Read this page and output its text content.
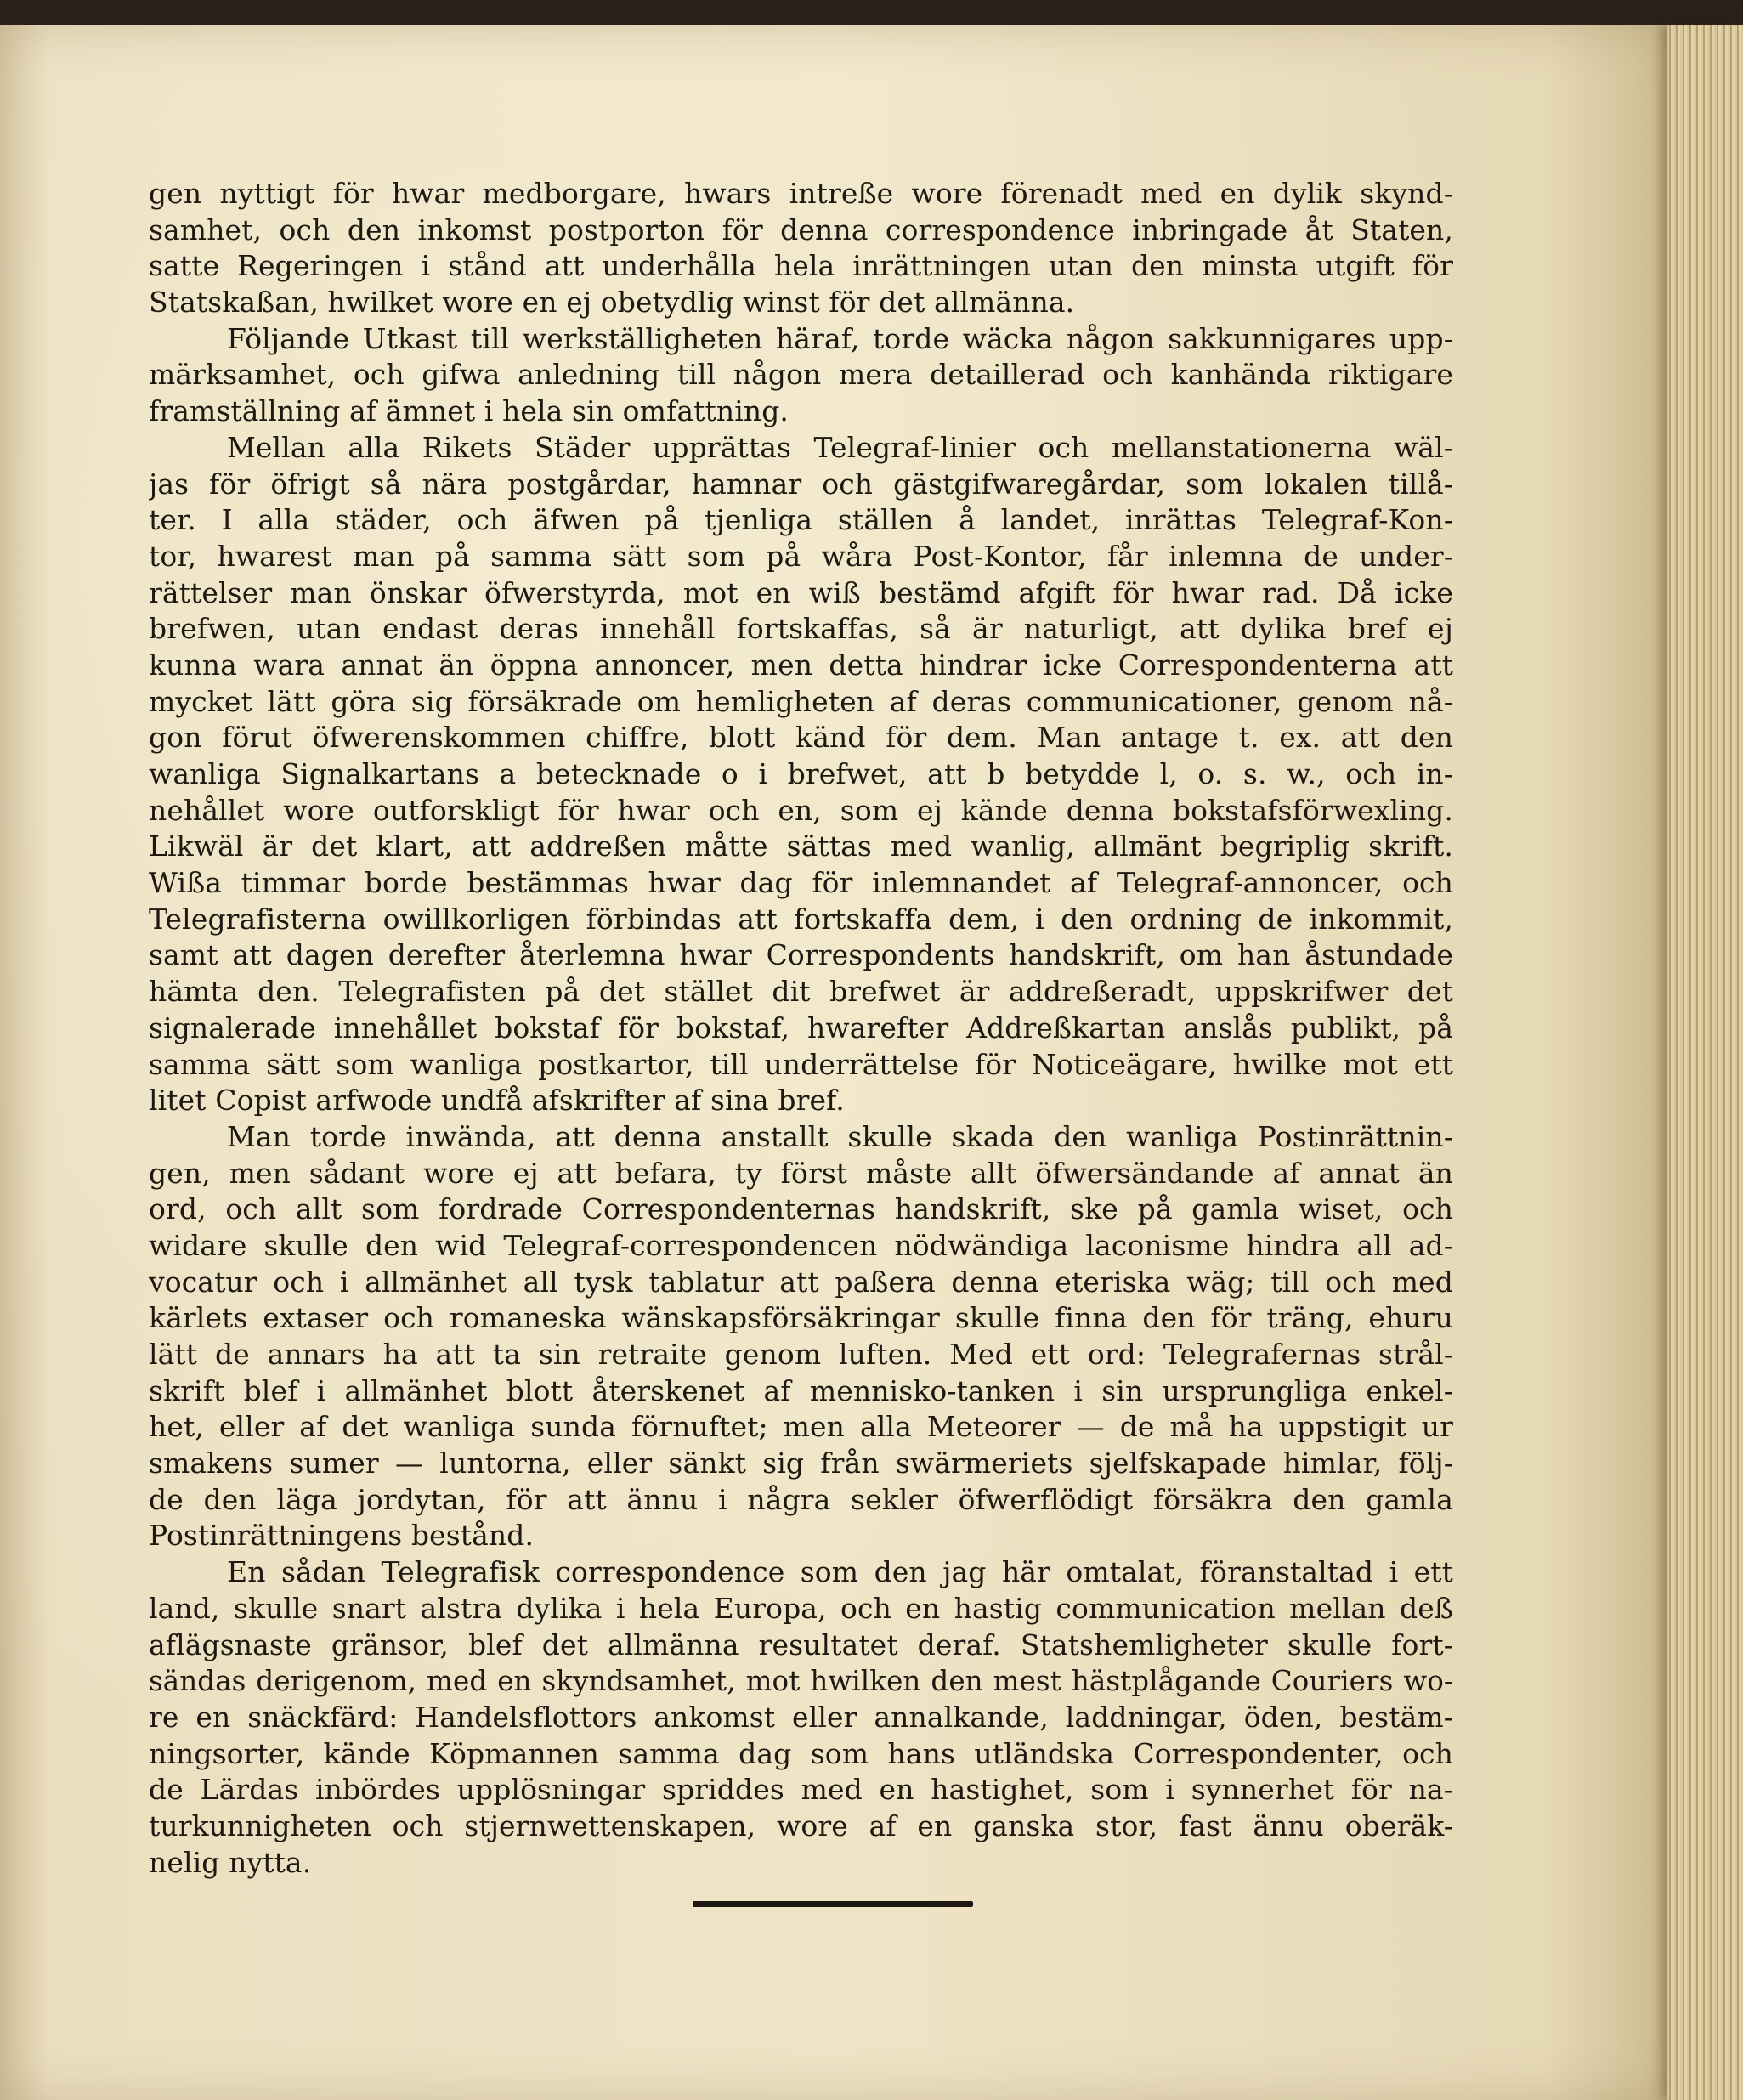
gen nyttigt för hwar medborgare, hwars intreße wore förenadt med en dylik skynd-
samhet, och den inkomst postporton för denna correspondence inbringade åt Staten,
satte Regeringen i stånd att underhålla hela inrättningen utan den minsta utgift för
Statskaßan, hwilket wore en ej obetydlig winst för det allmänna.
Följande Utkast till werkställigheten häraf, torde wäcka någon sakkunnigares upp-
märksamhet, och gifwa anledning till någon mera detaillerad och kanhända riktigare
framställning af ämnet i hela sin omfattning.
Mellan alla Rikets Städer upprättas Telegraf-linier och mellanstationerna wäl-
jas för öfrigt så nära postgårdar, hamnar och gästgifwaregårdar, som lokalen tillå-
ter. I alla städer, och äfwen på tjenliga ställen å landet, inrättas Telegraf-Kon-
tor, hwarest man på samma sätt som på wåra Post-Kontor, får inlemna de under-
rättelser man önskar öfwerstyrda, mot en wiß bestämd afgift för hwar rad. Då icke
brefwen, utan endast deras innehåll fortskaffas, så är naturligt, att dylika bref ej
kunna wara annat än öppna annoncer, men detta hindrar icke Correspondenterna att
mycket lätt göra sig försäkrade om hemligheten af deras communicationer, genom nå-
gon förut öfwerenskommen chiffre, blott känd för dem. Man antage t. ex. att den
wanliga Signalkartans a betecknade o i brefwet, att b betydde l, o. s. w., och in-
nehållet wore outforskligt för hwar och en, som ej kände denna bokstafsförwexling.
Likwäl är det klart, att addreßen måtte sättas med wanlig, allmänt begriplig skrift.
Wißa timmar borde bestämmas hwar dag för inlemnandet af Telegraf-annoncer, och
Telegrafisterna owillkorligen förbindas att fortskaffa dem, i den ordning de inkommit,
samt att dagen derefter återlemna hwar Correspondents handskrift, om han åstundade
hämta den. Telegrafisten på det stället dit brefwet är addreßeradt, uppskrifwer det
signalerade innehållet bokstaf för bokstaf, hwarefter Addreßkartan anslås publikt, på
samma sätt som wanliga postkartor, till underrättelse för Noticeägare, hwilke mot ett
litet Copist arfwode undfå afskrifter af sina bref.
Man torde inwända, att denna anstallt skulle skada den wanliga Postinrättnin-
gen, men sådant wore ej att befara, ty först måste allt öfwersändande af annat än
ord, och allt som fordrade Correspondenternas handskrift, ske på gamla wiset, och
widare skulle den wid Telegraf-correspondencen nödwändiga laconisme hindra all ad-
vocatur och i allmänhet all tysk tablatur att paßera denna eteriska wäg; till och med
kärlets extaser och romaneska wänskapsförsäkringar skulle finna den för träng, ehuru
lätt de annars ha att ta sin retraite genom luften. Med ett ord: Telegrafernas strål-
skrift blef i allmänhet blott återskenet af mennisko-tanken i sin ursprungliga enkel-
het, eller af det wanliga sunda förnuftet; men alla Meteorer — de må ha uppstigit ur
smakens sumer — luntorna, eller sänkt sig från swärmeriets sjelfskapade himlar, följ-
de den läga jordytan, för att ännu i några sekler öfwerflödigt försäkra den gamla
Postinrättningens bestånd.
En sådan Telegrafisk correspondence som den jag här omtalat, föranstaltad i ett
land, skulle snart alstra dylika i hela Europa, och en hastig communication mellan deß
aflägsnaste gränsor, blef det allmänna resultatet deraf. Statshemligheter skulle fort-
sändas derigenom, med en skyndsamhet, mot hwilken den mest hästplågande Couriers wo-
re en snäckfärd: Handelsflottors ankomst eller annalkande, laddningar, öden, bestäm-
ningsorter, kände Köpmannen samma dag som hans utländska Correspondenter, och
de Lärdas inbördes upplösningar spriddes med en hastighet, som i synnerhet för na-
turkunnigheten och stjernwettenskapen, wore af en ganska stor, fast ännu oberäk-
nelig nytta.
